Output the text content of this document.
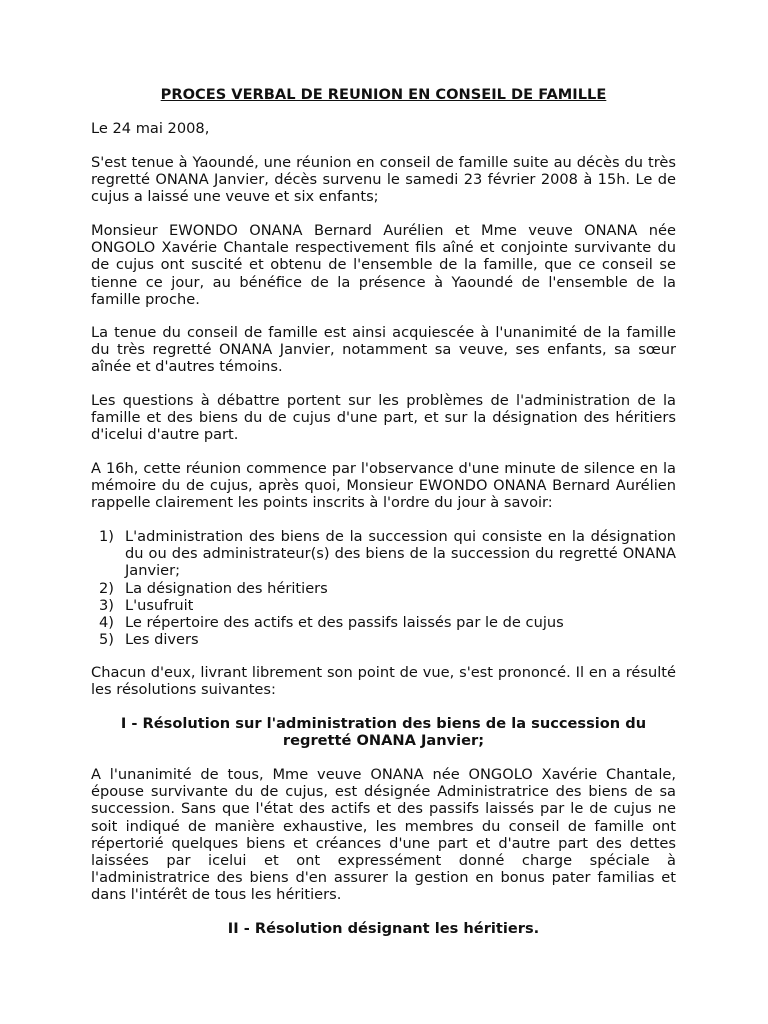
PROCES VERBAL DE REUNION EN CONSEIL DE FAMILLE

Le 24 mai 2008,

S'est tenue à Yaoundé, une réunion en conseil de famille suite au décès du très regretté ONANA Janvier, décès survenu le samedi 23 février 2008 à 15h. Le de cujus a laissé une veuve et six enfants;

Monsieur EWONDO ONANA Bernard Aurélien et Mme veuve ONANA née ONGOLO Xavérie Chantale respectivement fils aîné et conjointe survivante du de cujus ont suscité et obtenu de l'ensemble de la famille, que ce conseil se tienne ce jour, au bénéfice de la présence à Yaoundé de l'ensemble de la famille proche.

La tenue du conseil de famille est ainsi acquiescée à l'unanimité de la famille du très regretté ONANA Janvier, notamment sa veuve, ses enfants, sa sœur aînée et d'autres témoins.

Les questions à débattre portent sur les problèmes de l'administration de la famille et des biens du de cujus d'une part, et sur la désignation des héritiers d'icelui d'autre part.

A 16h, cette réunion commence par l'observance d'une minute de silence en la mémoire du de cujus, après quoi, Monsieur EWONDO ONANA Bernard Aurélien rappelle clairement les points inscrits à l'ordre du jour à savoir:

1) L'administration des biens de la succession qui consiste en la désignation du ou des administrateur(s) des biens de la succession du regretté ONANA Janvier;
2) La désignation des héritiers
3) L'usufruit
4) Le répertoire des actifs et des passifs laissés par le de cujus
5) Les divers

Chacun d'eux, livrant librement son point de vue, s'est prononcé. Il en a résulté les résolutions suivantes:

I - Résolution sur l'administration des biens de la succession du
regretté ONANA Janvier;

A l'unanimité de tous, Mme veuve ONANA née ONGOLO Xavérie Chantale, épouse survivante du de cujus, est désignée Administratrice des biens de sa succession. Sans que l'état des actifs et des passifs laissés par le de cujus ne soit indiqué de manière exhaustive, les membres du conseil de famille ont répertorié quelques biens et créances d'une part et d'autre part des dettes laissées par icelui et ont expressément donné charge spéciale à l'administratrice des biens d'en assurer la gestion en bonus pater familias et dans l'intérêt de tous les héritiers.

II - Résolution désignant les héritiers.
